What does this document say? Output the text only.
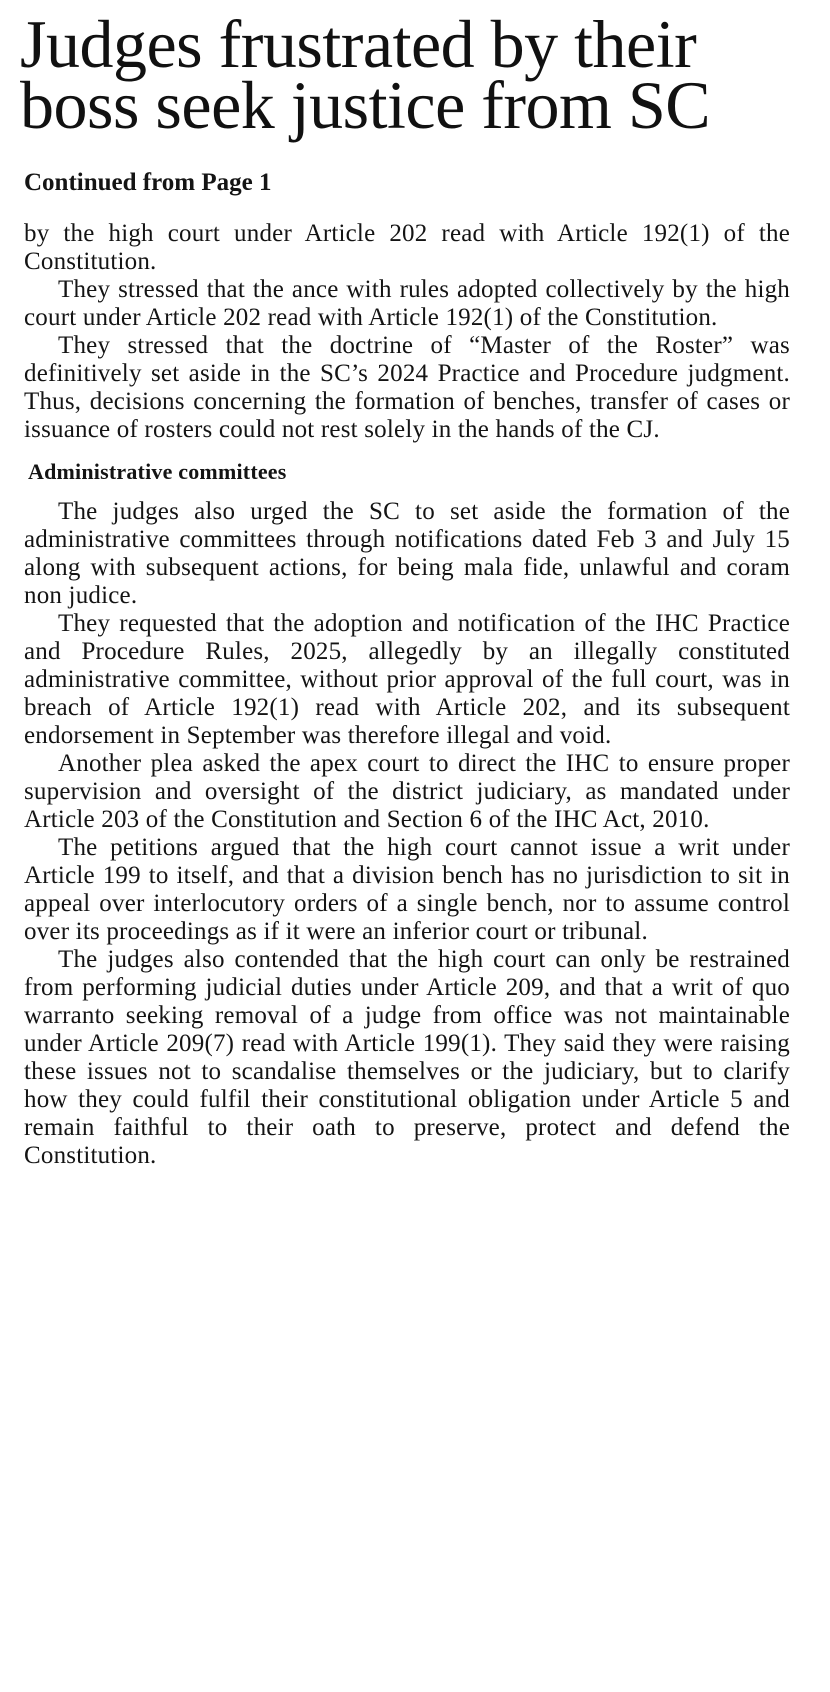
Judges frustrated by their boss seek justice from SC
Continued from Page 1

by the high court under Article 202 read with Article 192(1) of the Constitution.

They stressed that the ance with rules adopted collectively by the high court under Article 202 read with Article 192(1) of the Constitution.

They stressed that the doctrine of “Master of the Roster” was definitively set aside in the SC’s 2024 Practice and Procedure judgment. Thus, decisions concerning the formation of benches, transfer of cases or issuance of rosters could not rest solely in the hands of the CJ.

Administrative committees

The judges also urged the SC to set aside the formation of the administrative committees through notifications dated Feb 3 and July 15 along with subsequent actions, for being mala fide, unlawful and coram non judice.

They requested that the adoption and notification of the IHC Practice and Procedure Rules, 2025, allegedly by an illegally constituted administrative committee, without prior approval of the full court, was in breach of Article 192(1) read with Article 202, and its subsequent endorsement in September was therefore illegal and void.

Another plea asked the apex court to direct the IHC to ensure proper supervision and oversight of the district judiciary, as mandated under Article 203 of the Constitution and Section 6 of the IHC Act, 2010.

The petitions argued that the high court cannot issue a writ under Article 199 to itself, and that a division bench has no jurisdiction to sit in appeal over interlocutory orders of a single bench, nor to assume control over its proceedings as if it were an inferior court or tribunal.

The judges also contended that the high court can only be restrained from performing judicial duties under Article 209, and that a writ of quo warranto seeking removal of a judge from office was not maintainable under Article 209(7) read with Article 199(1). They said they were raising these issues not to scandalise themselves or the judiciary, but to clarify how they could fulfil their constitutional obligation under Article 5 and remain faithful to their oath to preserve, protect and defend the Constitution.
